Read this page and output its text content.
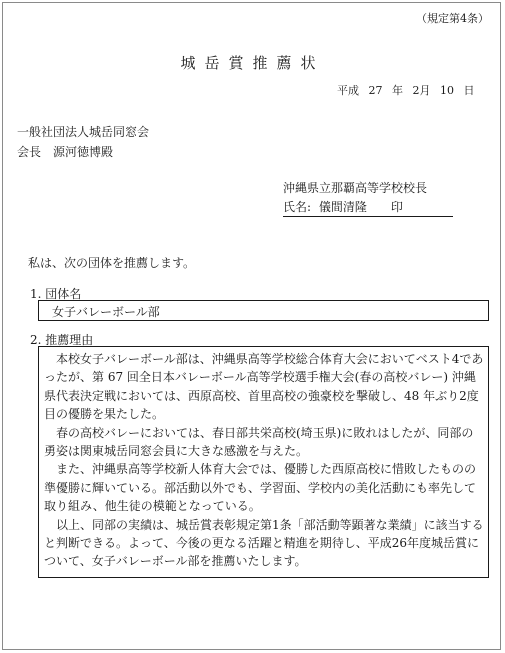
（規定第4条）
城岳賞推薦状
平成 27 年 2月 10 日
一般社団法人城岳同窓会
会長　源河徳博殿
沖縄県立那覇高等学校校長
氏名: 儀間清隆　　印
私は、次の団体を推薦します。
1. 団体名
女子バレーボール部
2. 推薦理由

　本校女子バレーボール部は、沖縄県高等学校総合体育大会においてベスト4であったが、第 67 回全日本バレーボール高等学校選手権大会(春の高校バレー) 沖縄県代表決定戦においては、西原高校、首里高校の強豪校を撃破し、48 年ぶり2度目の優勝を果たした。

　春の高校バレーにおいては、春日部共栄高校(埼玉県)に敗れはしたが、同部の勇姿は関東城岳同窓会員に大きな感激を与えた。

　また、沖縄県高等学校新人体育大会では、優勝した西原高校に惜敗したものの準優勝に輝いている。部活動以外でも、学習面、学校内の美化活動にも率先して取り組み、他生徒の模範となっている。

　以上、同部の実績は、城岳賞表彰規定第1条「部活動等顕著な業績」に該当すると判断できる。よって、今後の更なる活躍と精進を期待し、平成26年度城岳賞について、女子バレーボール部を推薦いたします。
